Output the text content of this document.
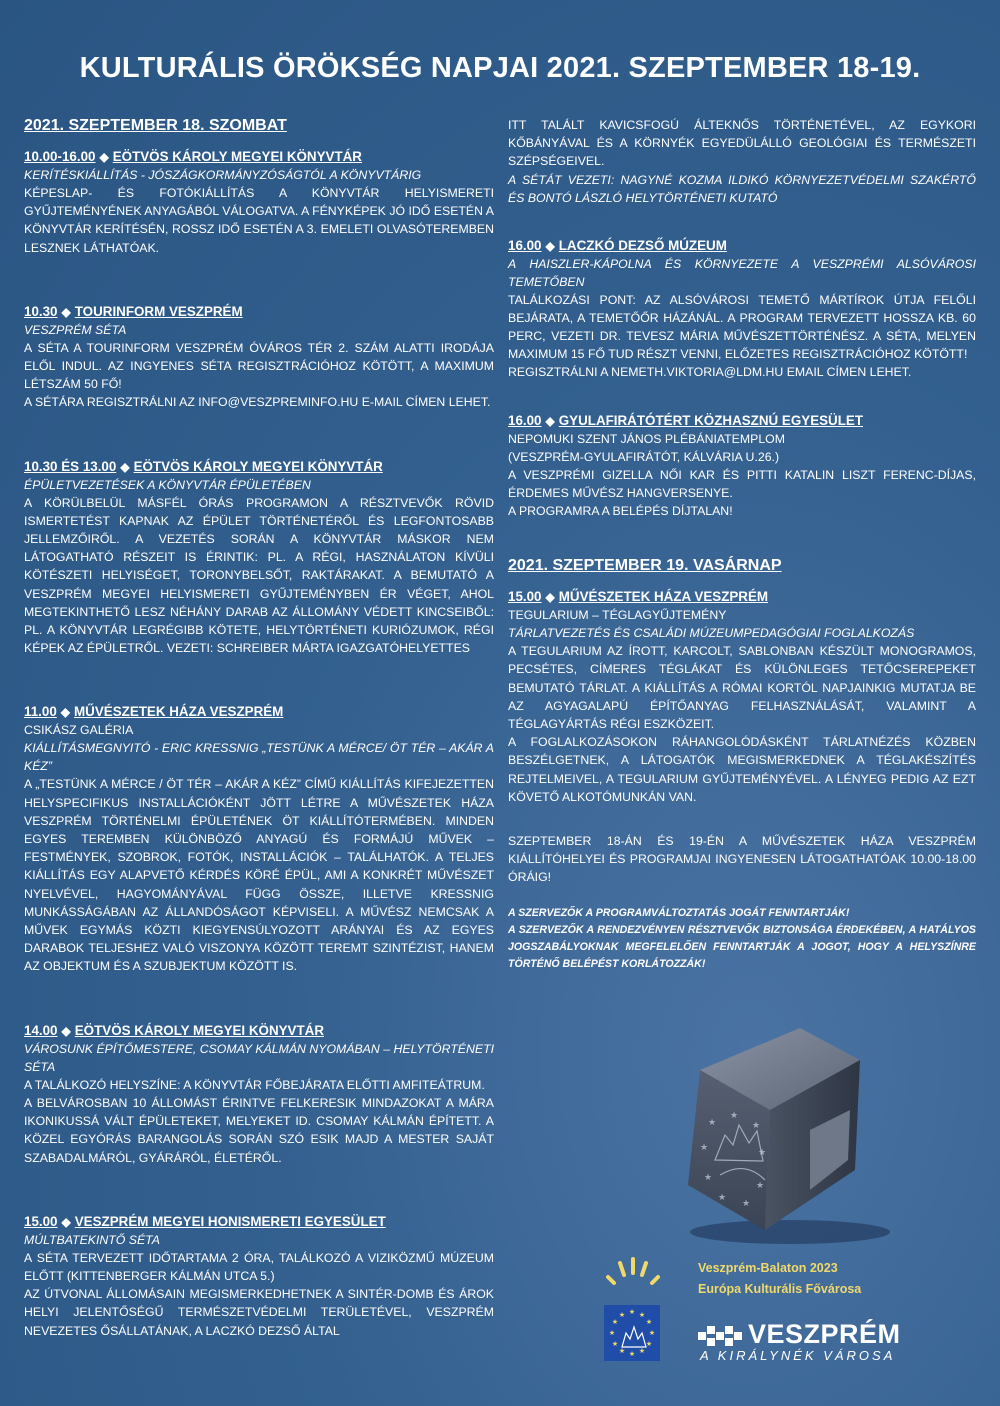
KULTURÁLIS ÖRÖKSÉG NAPJAI 2021. SZEPTEMBER 18-19.
2021. SZEPTEMBER 18. SZOMBAT
10.00-16.00 ◆ EÖTVÖS KÁROLY MEGYEI KÖNYVTÁR
KERÍTÉSKIÁLLÍTÁS - JÓSZÁGKORMÁNYZÓSÁGTÓL A KÖNYVTÁRIG
KÉPESLAP- ÉS FOTÓKIÁLLÍTÁS A KÖNYVTÁR HELYISMERETI GYŰJTEMÉNYÉNEK ANYAGÁBÓL VÁLOGATVA. A FÉNYKÉPEK JÓ IDŐ ESETÉN A KÖNYVTÁR KERÍTÉSÉN, ROSSZ IDŐ ESETÉN A 3. EMELETI OLVASÓTEREMBEN LESZNEK LÁTHATÓAK.
10.30 ◆ TOURINFORM VESZPRÉM
VESZPRÉM SÉTA
A SÉTA A TOURINFORM VESZPRÉM ÓVÁROS TÉR 2. SZÁM ALATTI IRODÁJA ELŐL INDUL. AZ INGYENES SÉTA REGISZTRÁCIÓHOZ KÖTÖTT, A MAXIMUM LÉTSZÁM 50 FŐ!
A SÉTÁRA REGISZTRÁLNI AZ INFO@VESZPREMINFO.HU E-MAIL CÍMEN LEHET.
10.30 ÉS 13.00 ◆ EÖTVÖS KÁROLY MEGYEI KÖNYVTÁR
ÉPÜLETVEZETÉSEK A KÖNYVTÁR ÉPÜLETÉBEN
A KÖRÜLBELÜL MÁSFÉL ÓRÁS PROGRAMON A RÉSZTVEVŐK RÖVID ISMERTETÉST KAPNAK AZ ÉPÜLET TÖRTÉNETÉRŐL ÉS LEGFONTOSABB JELLEMZŐIRŐL. A VEZETÉS SORÁN A KÖNYVTÁR MÁSKOR NEM LÁTOGATHATÓ RÉSZEIT IS ÉRINTIK: PL. A RÉGI, HASZNÁLATON KÍVÜLI KÖTÉSZETI HELYISÉGET, TORONYBELSŐT, RAKTÁRAKAT. A BEMUTATÓ A VESZPRÉM MEGYEI HELYISMERETI GYŰJTEMÉNYBEN ÉR VÉGET, AHOL MEGTEKINTHETŐ LESZ NÉHÁNY DARAB AZ ÁLLOMÁNY VÉDETT KINCSEIBŐL: PL. A KÖNYVTÁR LEGRÉGIBB KÖTETE, HELYTÖRTÉNETI KURIÓZUMOK, RÉGI KÉPEK AZ ÉPÜLETRŐL. VEZETI: SCHREIBER MÁRTA IGAZGATÓHELYETTES
11.00 ◆ MŰVÉSZETEK HÁZA VESZPRÉM
CSIKÁSZ GALÉRIA
KIÁLLÍTÁSMEGNYITÓ - ERIC KRESSNIG „TESTÜNK A MÉRCE/ ÖT TÉR – AKÁR A KÉZ”
A „TESTÜNK A MÉRCE / ÖT TÉR – AKÁR A KÉZ” CÍMŰ KIÁLLÍTÁS KIFEJEZETTEN HELYSPECIFIKUS INSTALLÁCIÓKÉNT JÖTT LÉTRE A MŰVÉSZETEK HÁZA VESZPRÉM TÖRTÉNELMI ÉPÜLETÉNEK ÖT KIÁLLÍTÓTERMÉBEN. MINDEN EGYES TEREMBEN KÜLÖNBÖZŐ ANYAGÚ ÉS FORMÁJÚ MŰVEK – FESTMÉNYEK, SZOBROK, FOTÓK, INSTALLÁCIÓK – TALÁLHATÓK. A TELJES KIÁLLÍTÁS EGY ALAPVETŐ KÉRDÉS KÖRÉ ÉPÜL, AMI A KONKRÉT MŰVÉSZET NYELVÉVEL, HAGYOMÁNYÁVAL FÜGG ÖSSZE, ILLETVE KRESSNIG MUNKÁSSÁGÁBAN AZ ÁLLANDÓSÁGOT KÉPVISELI. A MŰVÉSZ NEMCSAK A MŰVEK EGYMÁS KÖZTI KIEGYENSÚLYOZOTT ARÁNYAI ÉS AZ EGYES DARABOK TELJESHEZ VALÓ VISZONYA KÖZÖTT TEREMT SZINTÉZIST, HANEM AZ OBJEKTUM ÉS A SZUBJEKTUM KÖZÖTT IS.
14.00 ◆ EÖTVÖS KÁROLY MEGYEI KÖNYVTÁR
VÁROSUNK ÉPÍTŐMESTERE, CSOMAY KÁLMÁN NYOMÁBAN – HELYTÖRTÉNETI SÉTA
A TALÁLKOZÓ HELYSZÍNE: A KÖNYVTÁR FŐBEJÁRATA ELŐTTI AMFITEÁTRUM.
A BELVÁROSBAN 10 ÁLLOMÁST ÉRINTVE FELKERESIK MINDAZOKAT A MÁRA IKONIKUSSÁ VÁLT ÉPÜLETEKET, MELYEKET ID. CSOMAY KÁLMÁN ÉPÍTETT. A KÖZEL EGYÓRÁS BARANGOLÁS SORÁN SZÓ ESIK MAJD A MESTER SAJÁT SZABADALMÁRÓL, GYÁRÁRÓL, ÉLETÉRŐL.
15.00 ◆ VESZPRÉM MEGYEI HONISMERETI EGYESÜLET
MÚLTBATEKINTŐ SÉTA
A SÉTA TERVEZETT IDŐTARTAMA 2 ÓRA, TALÁLKOZÓ A VIZIKÖZMŰ MÚZEUM ELŐTT (KITTENBERGER KÁLMÁN UTCA 5.)
AZ ÚTVONAL ÁLLOMÁSAIN MEGISMERKEDHETNEK A SINTÉR-DOMB ÉS ÁROK HELYI JELENTŐSÉGŰ TERMÉSZETVÉDELMI TERÜLETÉVEL, VESZPRÉM NEVEZETES ŐSÁLLATÁNAK, A LACZKÓ DEZSŐ ÁLTAL
ITT TALÁLT KAVICSFOGÚ ÁLTEKNŐS TÖRTÉNETÉVEL, AZ EGYKORI KŐBÁNYÁVAL ÉS A KÖRNYÉK EGYEDÜLÁLLÓ GEOLÓGIAI ÉS TERMÉSZETI SZÉPSÉGEIVEL.
A SÉTÁT VEZETI: NAGYNÉ KOZMA ILDIKÓ KÖRNYEZETVÉDELMI SZAKÉRTŐ ÉS BONTÓ LÁSZLÓ HELYTÖRTÉNETI KUTATÓ
16.00 ◆ LACZKÓ DEZSŐ MÚZEUM
A HAISZLER-KÁPOLNA ÉS KÖRNYEZETE A VESZPRÉMI ALSÓVÁROSI TEMETŐBEN
TALÁLKOZÁSI PONT: AZ ALSÓVÁROSI TEMETŐ MÁRTÍROK ÚTJA FELŐLI BEJÁRATA, A TEMETŐŐR HÁZÁNÁL. A PROGRAM TERVEZETT HOSSZA KB. 60 PERC, VEZETI DR. TEVESZ MÁRIA MŰVÉSZETTÖRTÉNÉSZ. A SÉTA, MELYEN MAXIMUM 15 FŐ TUD RÉSZT VENNI, ELŐZETES REGISZTRÁCIÓHOZ KÖTÖTT!
REGISZTRÁLNI A NEMETH.VIKTORIA@LDM.HU EMAIL CÍMEN LEHET.
16.00 ◆ GYULAFIRÁTÓTÉRT KÖZHASZNÚ EGYESÜLET
NEPOMUKI SZENT JÁNOS PLÉBÁNIATEMPLOM
(VESZPRÉM-GYULAFIRÁTÓT, KÁLVÁRIA U.26.)
A VESZPRÉMI GIZELLA NŐI KAR ÉS PITTI KATALIN LISZT FERENC-DÍJAS, ÉRDEMES MŰVÉSZ HANGVERSENYE.
A PROGRAMRA A BELÉPÉS DÍJTALAN!
2021. SZEPTEMBER 19. VASÁRNAP
15.00 ◆ MŰVÉSZETEK HÁZA VESZPRÉM
TEGULARIUM – TÉGLAGYŰJTEMÉNY
TÁRLATVEZETÉS ÉS CSALÁDI MÚZEUMPEDAGÓGIAI FOGLALKOZÁS
A TEGULARIUM AZ ÍROTT, KARCOLT, SABLONBAN KÉSZÜLT MONOGRAMOS, PECSÉTES, CÍMERES TÉGLÁKAT ÉS KÜLÖNLEGES TETŐCSEREPEKET BEMUTATÓ TÁRLAT. A KIÁLLÍTÁS A RÓMAI KORTÓL NAPJAINKIG MUTATJA BE AZ AGYAGALAPÚ ÉPÍTŐANYAG FELHASZNÁLÁSÁT, VALAMINT A TÉGLAGYÁRTÁS RÉGI ESZKÖZEIT.
A FOGLALKOZÁSOKON RÁHANGOLÓDÁSKÉNT TÁRLATNÉZÉS KÖZBEN BESZÉLGETNEK, A LÁTOGATÓK MEGISMERKEDNEK A TÉGLAKÉSZÍTÉS REJTELMEIVEL, A TEGULARIUM GYŰJTEMÉNYÉVEL. A LÉNYEG PEDIG AZ EZT KÖVETŐ ALKOTÓMUNKÁN VAN.
SZEPTEMBER 18-ÁN ÉS 19-ÉN A MŰVÉSZETEK HÁZA VESZPRÉM KIÁLLÍTÓHELYEI ÉS PROGRAMJAI INGYENESEN LÁTOGATHATÓAK 10.00-18.00 ÓRÁIG!
A SZERVEZŐK A PROGRAMVÁLTOZTATÁS JOGÁT FENNTARTJÁK!
A SZERVEZŐK A RENDEZVÉNYEN RÉSZTVEVŐK BIZTONSÁGA ÉRDEKÉBEN, A HATÁLYOS JOGSZABÁLYOKNAK MEGFELELŐEN FENNTARTJÁK A JOGOT, HOGY A HELYSZÍNRE TÖRTÉNŐ BELÉPÉST KORLÁTOZZÁK!
★
★
★
★	★
★
★
★
★
Veszprém-Balaton 2023
Európa Kulturális Fővárosa
★ ★
★
★
★
★
★
★
★
★
★
★
VESZPRÉM
A KIRÁLYNÉK VÁROSA
